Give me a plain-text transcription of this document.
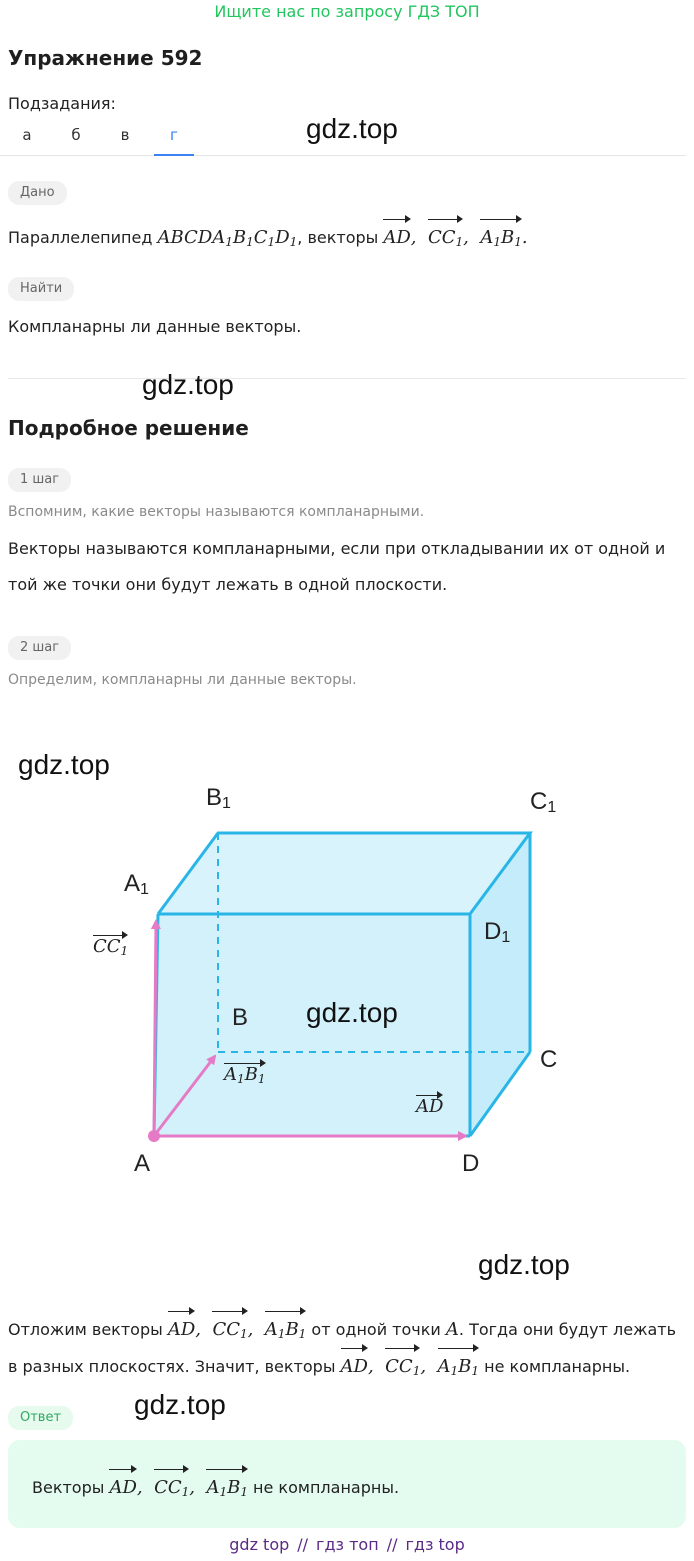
Ищите нас по запросу ГДЗ ТОП
Упражнение 592
Подзадания:
а	б	в	г	gdz.top
Дано
Параллелепипед $ABCDA_1B_1C_1D_1$, векторы AD,  $CC_1$,  $A_1B_1$.
Найти
Компланарны ли данные векторы.
gdz.top
Подробное решение
1 шаг
Вспомним, какие векторы называются компланарными.
Векторы называются компланарными, если при откладывании их от одной и
той же точки они будут лежать в одной плоскости.
2 шаг
Определим, компланарны ли данные векторы.
gdz.top
$B_1$	$C_1$
$A_1$
$D_1$
B
C
A	D
$CC_1$
$A_1B_1$
AD
gdz.top
gdz.top
Отложим векторы AD,  $CC_1$,  $A_1B_1$ от одной точки A. Тогда они будут лежать
в разных плоскостях. Значит, векторы AD,  $CC_1$,  $A_1B_1$ не компланарны.
Ответ	gdz.top
Векторы AD,  $CC_1$,  $A_1B_1$ не компланарны.
gdz top // гдз топ // гдз top
